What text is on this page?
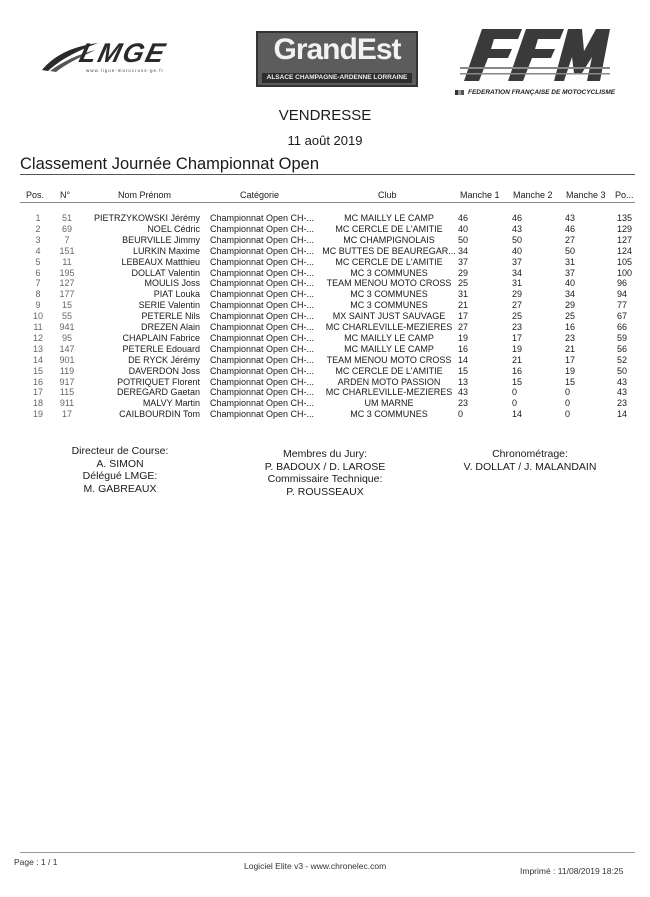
LMGE
www.ligue-motocross-ge.fr
GrandEst
ALSACE CHAMPAGNE-ARDENNE LORRAINE
FEDERATION FRANÇAISE DE MOTOCYCLISME
VENDRESSE
11 août 2019
Classement Journée Championnat Open
Pos. N°	Nom Prénom	Catégorie	Club	Manche 1 Manche 2 Manche 3 Po...
1	51	PIETRZYKOWSKI Jérémy Championnat Open CH-...	MC MAILLY LE CAMP	46	46	43	135
2	69	NOEL Cédric Championnat Open CH-...	MC CERCLE DE L'AMITIE	40	43	46	129
3	7	BEURVILLE Jimmy Championnat Open CH-...	MC CHAMPIGNOLAIS	50	50	27	127
4	151	LURKIN Maxime Championnat Open CH-... MC BUTTES DE BEAUREGAR... 34	40	50	124
5	11	LEBEAUX Matthieu Championnat Open CH-...	MC CERCLE DE L'AMITIE	37	37	31	105
6	195	DOLLAT Valentin Championnat Open CH-...	MC 3 COMMUNES	29	34	37	100
7	127	MOULIS Joss Championnat Open CH-...	TEAM MENOU MOTO CROSS 25	31	40	96
8	177	PIAT Louka Championnat Open CH-...	MC 3 COMMUNES	31	29	34	94
9	15	SERIE Valentin Championnat Open CH-...	MC 3 COMMUNES	21	27	29	77
10	55	PETERLE Nils Championnat Open CH-...	MX SAINT JUST SAUVAGE	17	25	25	67
11	941	DREZEN Alain Championnat Open CH-...	MC CHARLEVILLE-MEZIERES 27	23	16	66
12	95	CHAPLAIN Fabrice Championnat Open CH-...	MC MAILLY LE CAMP	19	17	23	59
13	147	PETERLE Edouard Championnat Open CH-...	MC MAILLY LE CAMP	16	19	21	56
14	901	DE RYCK Jérémy Championnat Open CH-...	TEAM MENOU MOTO CROSS 14	21	17	52
15	119	DAVERDON Joss Championnat Open CH-...	MC CERCLE DE L'AMITIE	15	16	19	50
16	917	POTRIQUET Florent Championnat Open CH-...	ARDEN MOTO PASSION	13	15	15	43
17	115	DEREGARD Gaetan Championnat Open CH-...	MC CHARLEVILLE-MEZIERES 43	0	0	43
18	911	MALVY Martin Championnat Open CH-...	UM MARNE	23	0	0	23
19	17	CAILBOURDIN Tom Championnat Open CH-...	MC 3 COMMUNES	0	14	0	14
Directeur de Course:
A. SIMON
Délégué LMGE:
M. GABREAUX
Membres du Jury:
P. BADOUX / D. LAROSE
Commissaire Technique:
P. ROUSSEAUX
Chronométrage:
V. DOLLAT / J. MALANDAIN
Page : 1 / 1	Logiciel Elite v3 - www.chronelec.com	Imprimé : 11/08/2019 18:25
